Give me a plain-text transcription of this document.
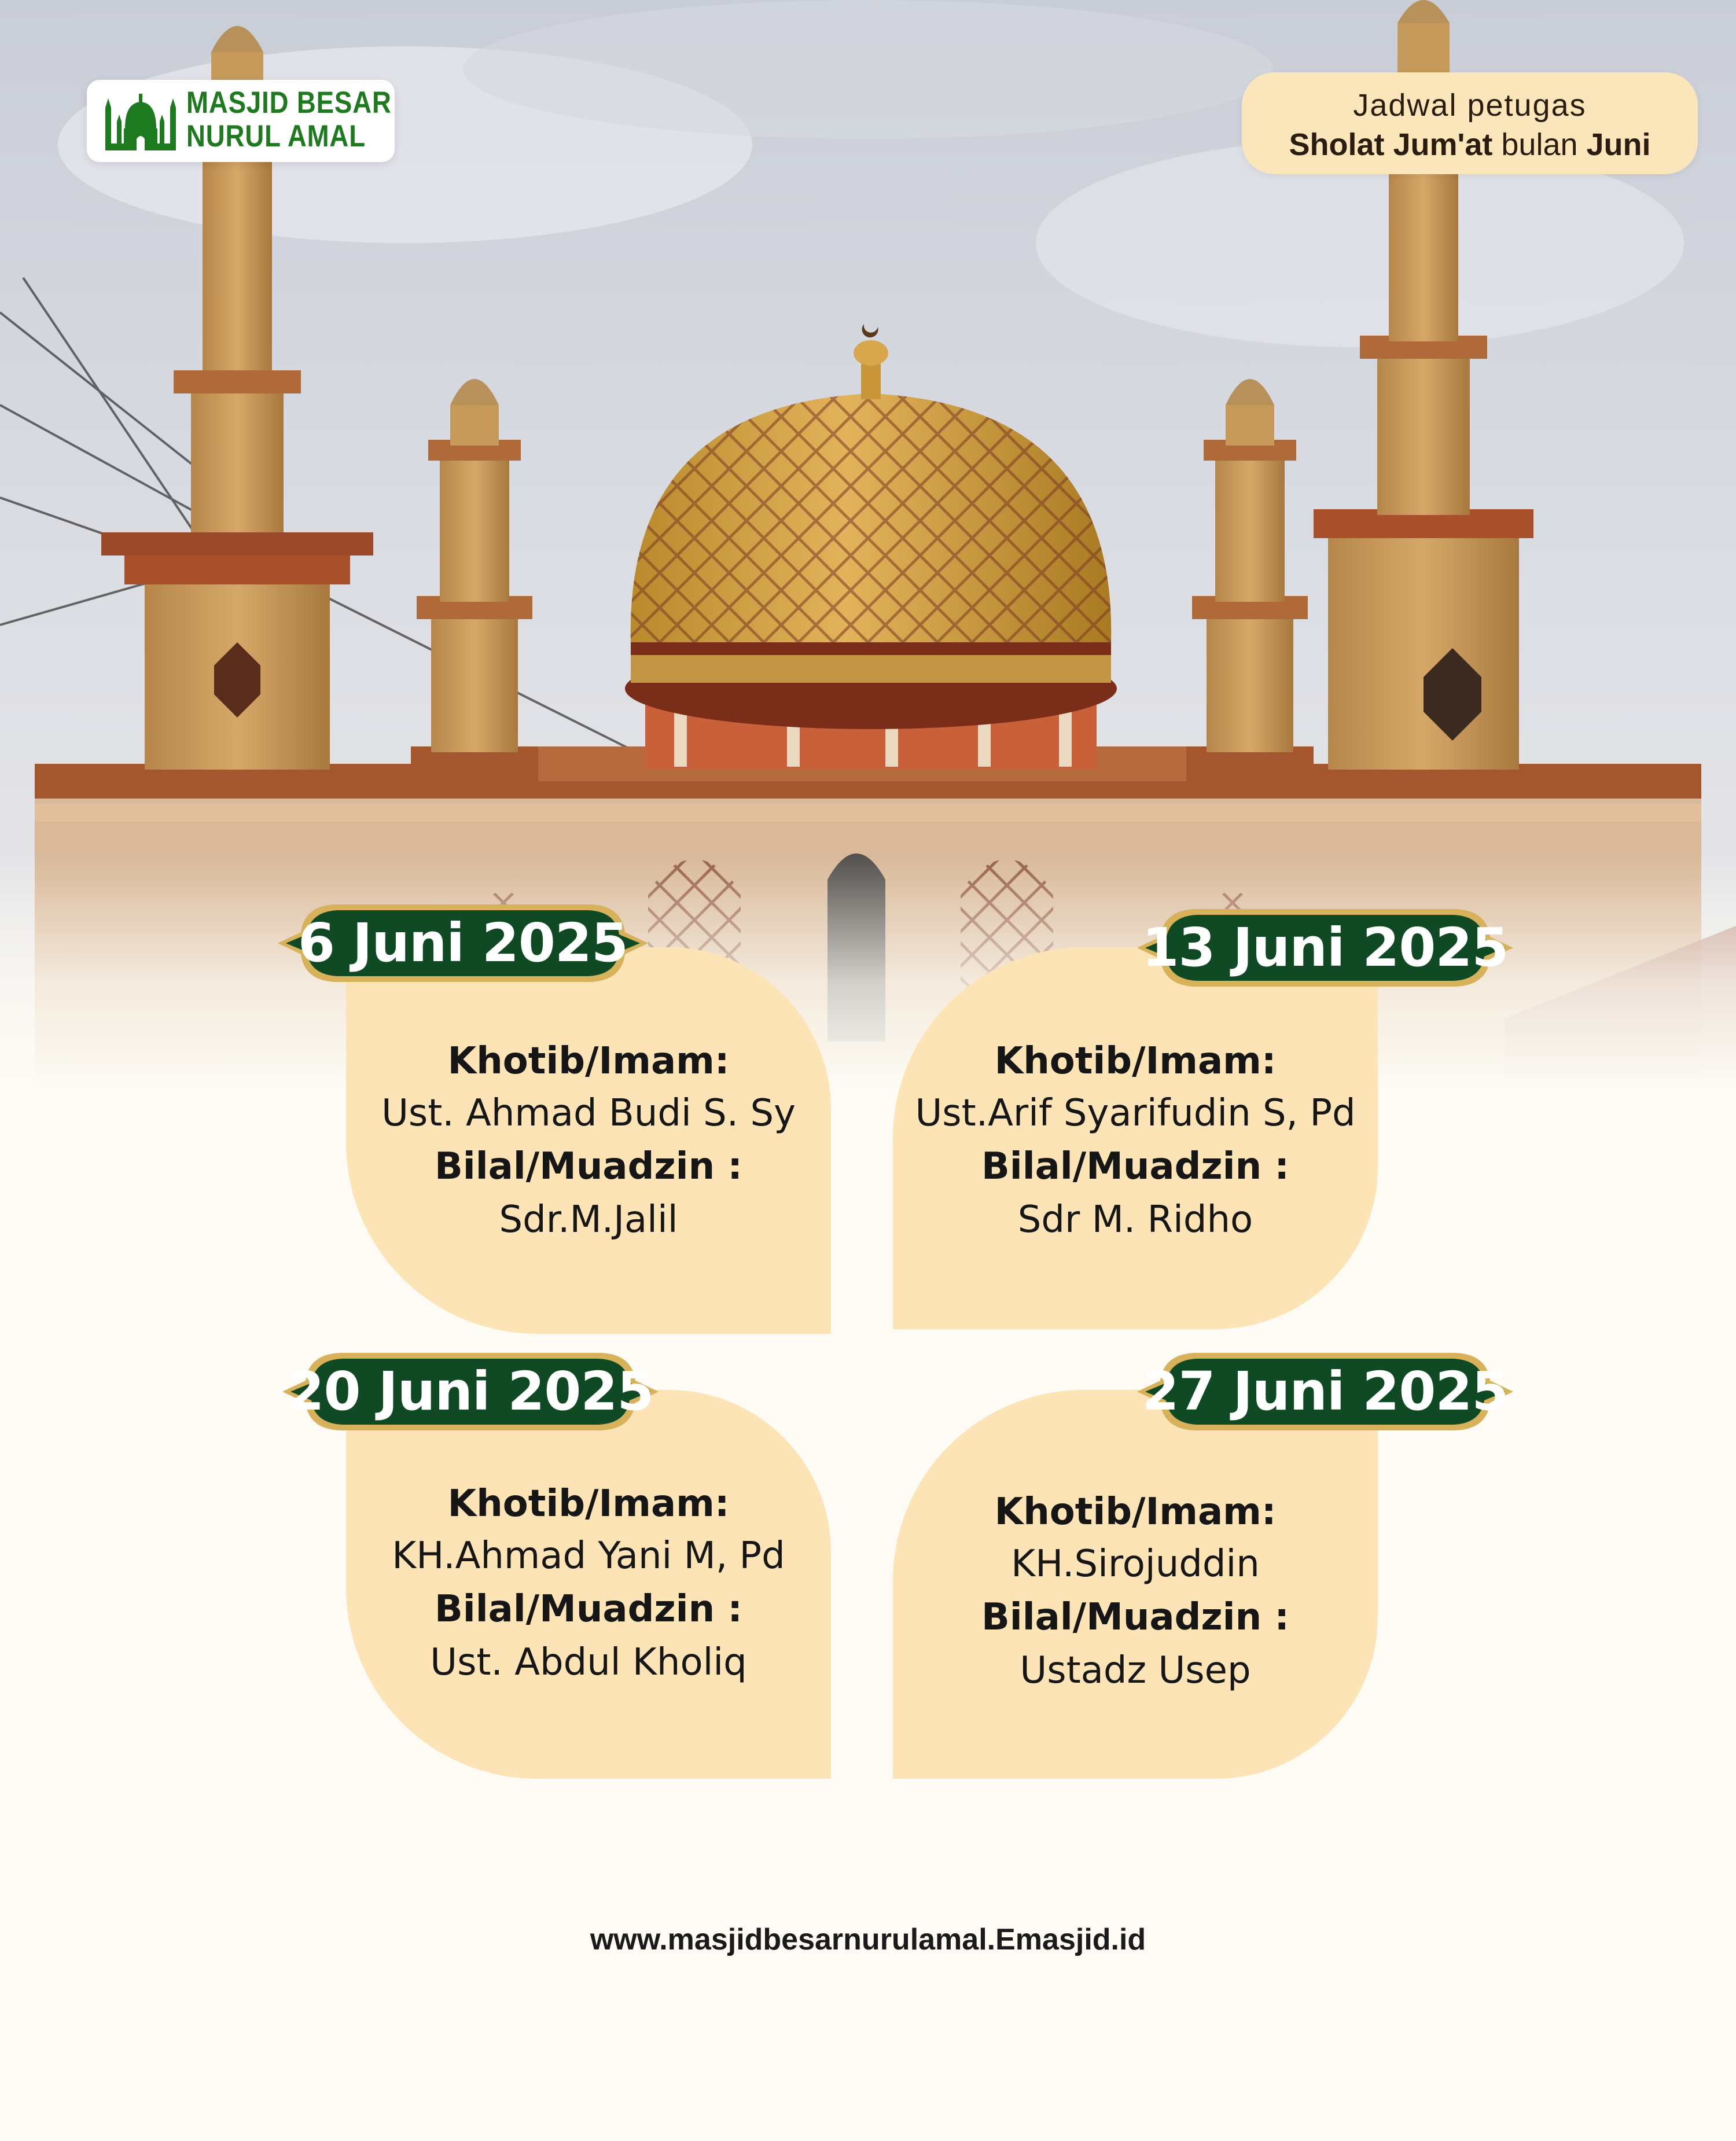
MASJID BESAR
NURUL AMAL
Jadwal petugas
Sholat Jum'at bulan Juni
Khotib/Imam:
Ust. Ahmad Budi S. Sy
Bilal/Muadzin :
Sdr.M.Jalil
Khotib/Imam:
Ust.Arif Syarifudin S, Pd
Bilal/Muadzin :
Sdr M. Ridho
Khotib/Imam:
KH.Ahmad Yani M, Pd
Bilal/Muadzin :
Ust. Abdul Kholiq
Khotib/Imam:
KH.Sirojuddin
Bilal/Muadzin :
Ustadz Usep
6 Juni 2025	13 Juni 2025
20 Juni 2025	27 Juni 2025
www.masjidbesarnurulamal.Emasjid.id
